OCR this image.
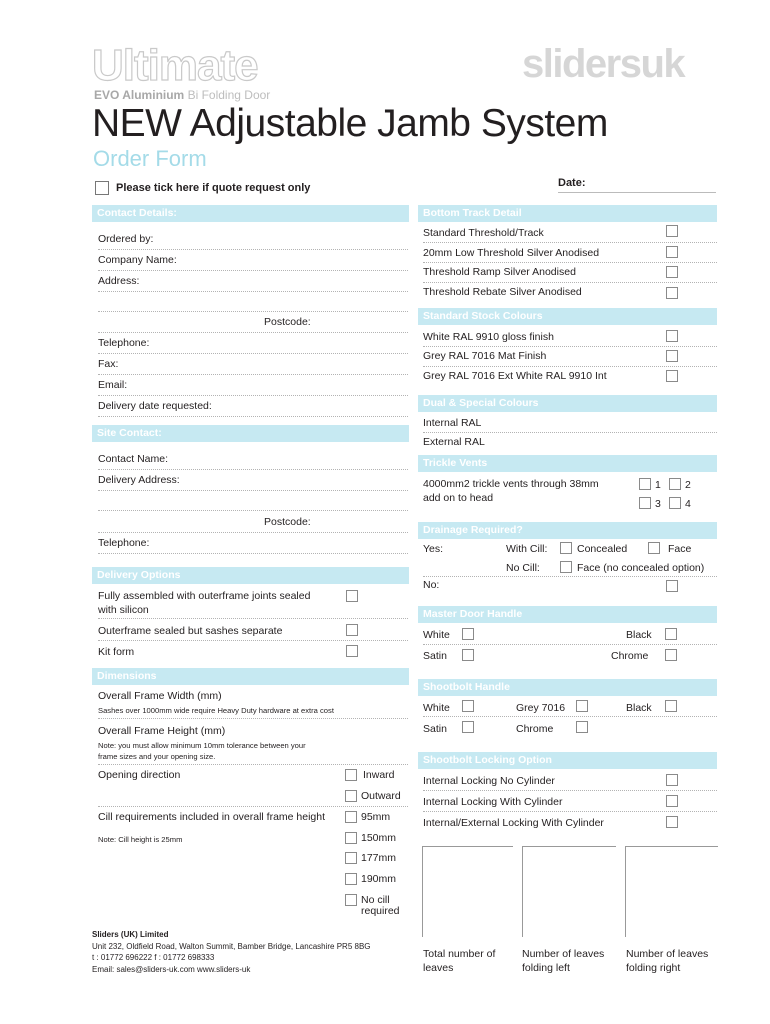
Ultimate
EVO Aluminium Bi Folding Door
slidersuk
NEW Adjustable Jamb System
Order Form
Date:
Please tick here if quote request only
Contact Details:
Ordered by:
Company Name:
Address:
Postcode:
Telephone:
Fax:
Email:
Delivery date requested:
Site Contact:
Contact Name:
Delivery Address:
Postcode:
Telephone:
Delivery Options
Fully assembled with outerframe joints sealed
with silicon
Outerframe sealed but sashes separate
Kit form
Dimensions
Overall Frame Width (mm)
Sashes over 1000mm wide require Heavy Duty hardware at extra cost
Overall Frame Height (mm)
Note: you must allow minimum 10mm tolerance between your
frame sizes and your opening size.
Opening direction	Inward
Outward
Cill requirements included in overall frame height
Note: Cill height is 25mm
95mm
150mm
177mm
190mm
No cill
required
Sliders (UK) Limited
Unit 232, Oldfield Road, Walton Summit, Bamber Bridge, Lancashire PR5 8BG
t : 01772 696222 f : 01772 698333
Email: sales@sliders-uk.com www.sliders-uk
Bottom Track Detail
Standard Threshold/Track
20mm Low Threshold Silver Anodised
Threshold Ramp Silver Anodised
Threshold Rebate Silver Anodised
Standard Stock Colours
White RAL 9910 gloss finish
Grey RAL 7016 Mat Finish
Grey RAL 7016 Ext White RAL 9910 Int
Dual & Special Colours
Internal RAL
External RAL
Trickle Vents
4000mm2 trickle vents through 38mm
add on to head
1 2
3 4
Drainage Required?
Yes:	With Cill:	Concealed	Face
No Cill:	Face (no concealed option)
No:
Master Door Handle
White	Black
Satin	Chrome
Shootbolt Handle
White	Grey 7016	Black
Satin	Chrome
Shootbolt Locking Option
Internal Locking No Cylinder
Internal Locking With Cylinder
Internal/External Locking With Cylinder
Total number of
leaves
Number of leaves
folding left
Number of leaves
folding right
